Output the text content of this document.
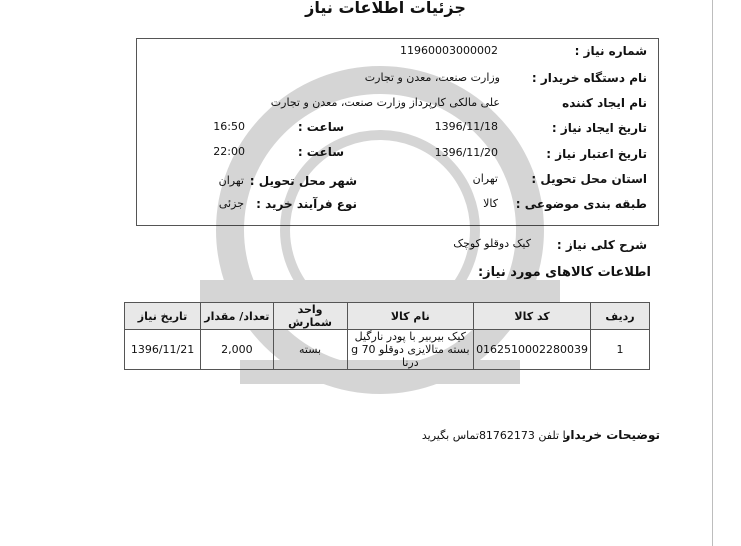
جزئیات اطلاعات نیاز
شماره نیاز :
11960003000002
نام دستگاه خریدار :
وزارت صنعت، معدن و تجارت
نام ایجاد کننده
علی مالکی کارپرداز وزارت صنعت، معدن و تجارت
تاریخ ایجاد نیاز :
1396/11/18
ساعت :
16:50
تاریخ اعتبار نیاز :
1396/11/20
ساعت :
22:00
استان محل تحویل :
تهران
شهر محل تحویل :
تهران
طبقه بندی موضوعی :
کالا
نوع فرآیند خرید :
جزئی
شرح کلی نیاز :
کیک دوقلو کوچک
اطلاعات کالاهای مورد نیاز:
ردیف	کد کالا	نام کالا	واحد شمارش	تعداد/ مقدار	تاریخ نیاز
1	0162510002280039	کیک بیربیر با پودر نارگیل بسته متالایزی دوقلو 70 g درنا	بسته	2,000	1396/11/21
توضیحات خریدار
با تلفن 81762173تماس بگیرید
